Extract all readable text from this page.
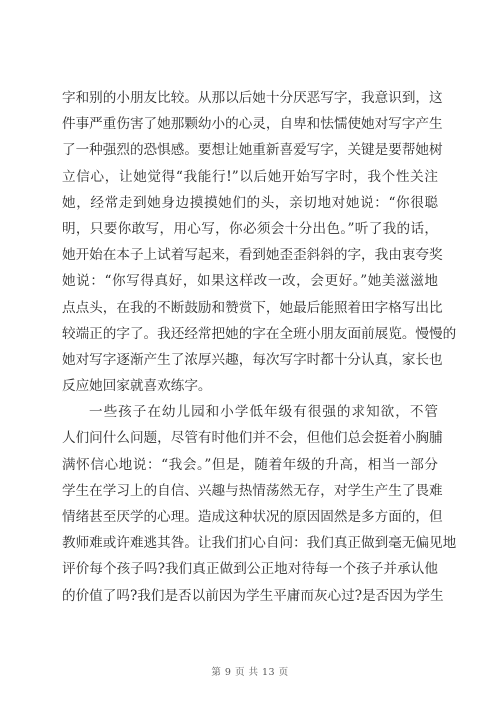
字和别的小朋友比较。从那以后她十分厌恶写字，我意识到，这
件事严重伤害了她那颗幼小的心灵，自卑和怯懦使她对写字产生
了一种强烈的恐惧感。要想让她重新喜爱写字，关键是要帮她树
立信心，让她觉得“我能行!”以后她开始写字时，我个性关注
她，经常走到她身边摸摸她们的头，亲切地对她说：“你很聪
明，只要你敢写，用心写，你必须会十分出色。”听了我的话，
她开始在本子上试着写起来，看到她歪歪斜斜的字，我由衷夸奖
她说：“你写得真好，如果这样改一改，会更好。”她美滋滋地
点点头，在我的不断鼓励和赞赏下，她最后能照着田字格写出比
较端正的字了。我还经常把她的字在全班小朋友面前展览。慢慢的
她对写字逐渐产生了浓厚兴趣，每次写字时都十分认真，家长也
反应她回家就喜欢练字。
一些孩子在幼儿园和小学低年级有很强的求知欲，不管
人们问什么问题，尽管有时他们并不会，但他们总会挺着小胸脯
满怀信心地说：“我会。”但是，随着年级的升高，相当一部分
学生在学习上的自信、兴趣与热情荡然无存，对学生产生了畏难
情绪甚至厌学的心理。造成这种状况的原因固然是多方面的，但
教师难或许难逃其咎。让我们扪心自问：我们真正做到毫无偏见地
评价每个孩子吗?我们真正做到公正地对待每一个孩子并承认他
的价值了吗?我们是否以前因为学生平庸而灰心过?是否因为学生
第 9 页 共 13 页
